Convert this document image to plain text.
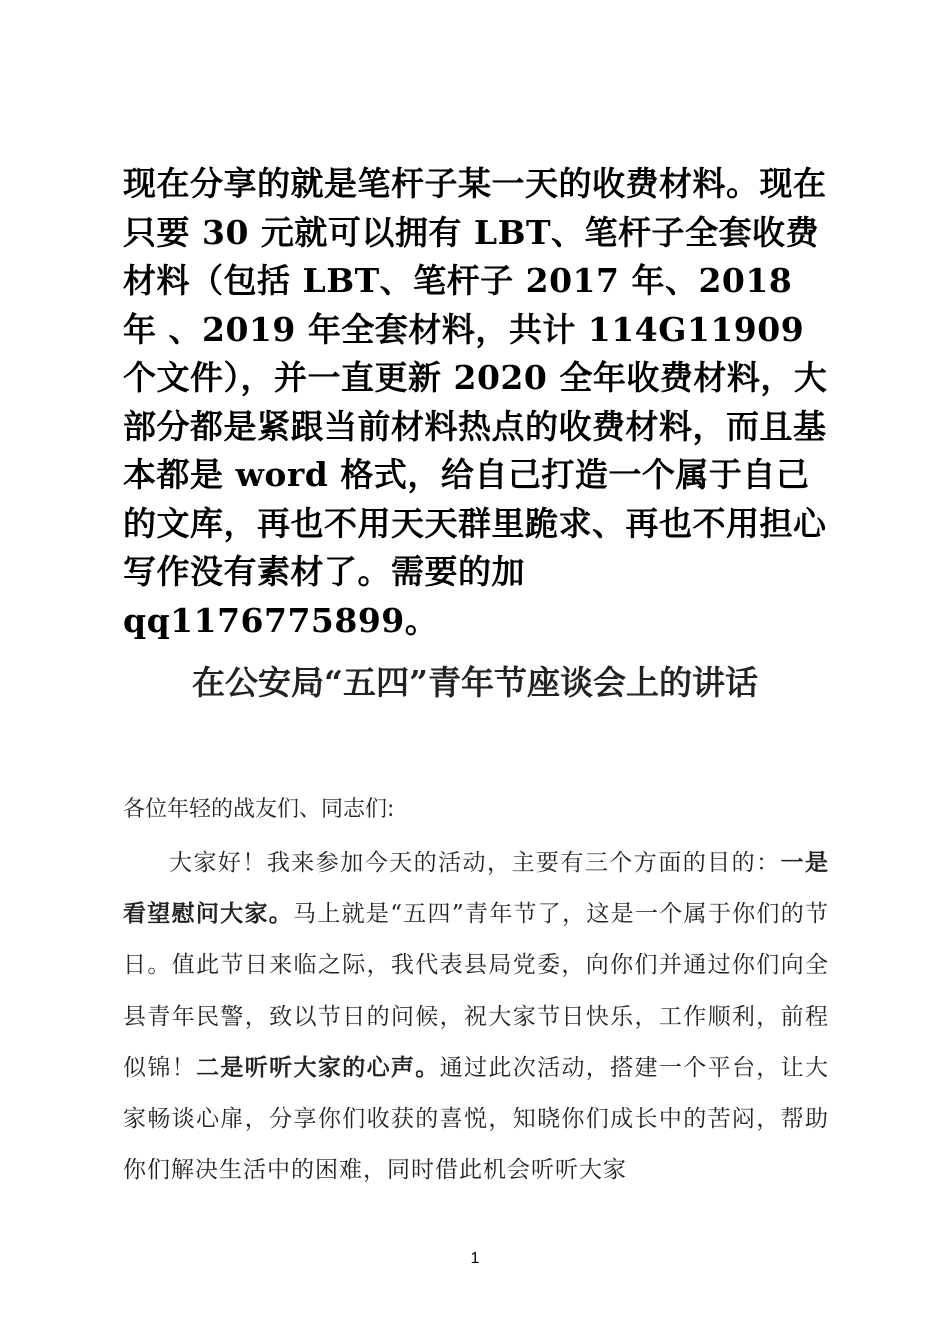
现在分享的就是笔杆子某一天的收费材料。现在只要 30 元就可以拥有 LBT、笔杆子全套收费材料（包括 LBT、笔杆子 2017 年、2018 年 、2019 年全套材料，共计 114G11909 个文件），并一直更新 2020 全年收费材料，大部分都是紧跟当前材料热点的收费材料，而且基本都是 word 格式，给自己打造一个属于自己的文库，再也不用天天群里跪求、再也不用担心写作没有素材了。需要的加 qq1176775899。

在公安局“五四”青年节座谈会上的讲话

各位年轻的战友们、同志们:

大家好！我来参加今天的活动，主要有三个方面的目的：一是看望慰问大家。马上就是“五四”青年节了，这是一个属于你们的节日。值此节日来临之际，我代表县局党委，向你们并通过你们向全县青年民警，致以节日的问候，祝大家节日快乐，工作顺利，前程似锦！二是听听大家的心声。通过此次活动，搭建一个平台，让大家畅谈心扉，分享你们收获的喜悦，知晓你们成长中的苦闷，帮助你们解决生活中的困难，同时借此机会听听大家

1
